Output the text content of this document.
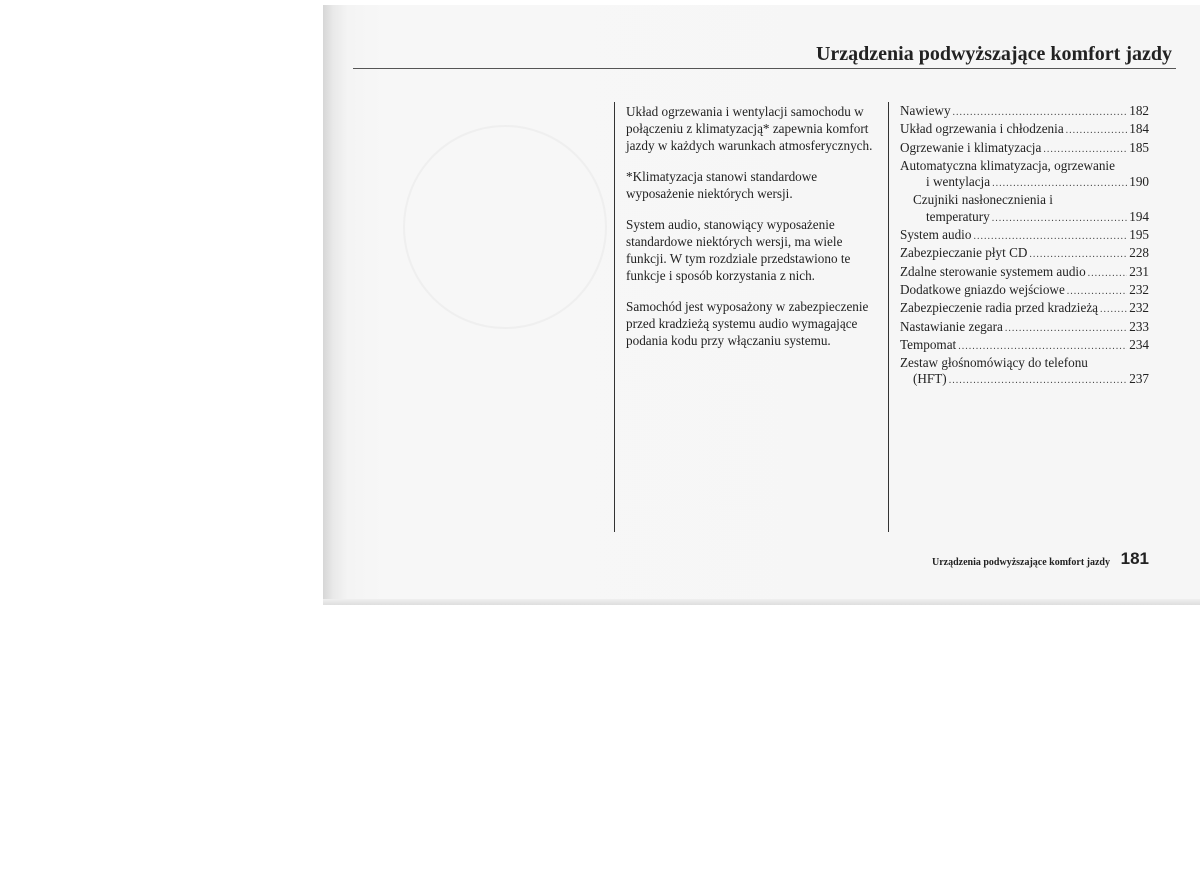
Urządzenia podwyższające komfort jazdy

Układ ogrzewania i wentylacji samochodu w
połączeniu z klimatyzacją* zapewnia komfort
jazdy w każdych warunkach atmosferycznych.

*Klimatyzacja stanowi standardowe
wyposażenie niektórych wersji.

System audio, stanowiący wyposażenie
standardowe niektórych wersji, ma wiele
funkcji. W tym rozdziale przedstawiono te
funkcje i sposób korzystania z nich.

Samochód jest wyposażony w zabezpieczenie
przed kradzieżą systemu audio wymagające
podania kodu przy włączaniu systemu.

Nawiewy .....	182
Układ ogrzewania i chłodzenia .....	184
Ogrzewanie i klimatyzacja .....	185
Automatyczna klimatyzacja, ogrzewanie
i wentylacja .....	190
Czujniki nasłonecznienia i
temperatury .....	194
System audio .....	195
Zabezpieczanie płyt CD .....	228
Zdalne sterowanie systemem audio .....	231
Dodatkowe gniazdo wejściowe .....	232
Zabezpieczenie radia przed kradzieżą ..... 232
Nastawianie zegara .....	233
Tempomat .....	234
Zestaw głośnomówiący do telefonu
(HFT) .....	237
Urządzenia podwyższające komfort jazdy 181
